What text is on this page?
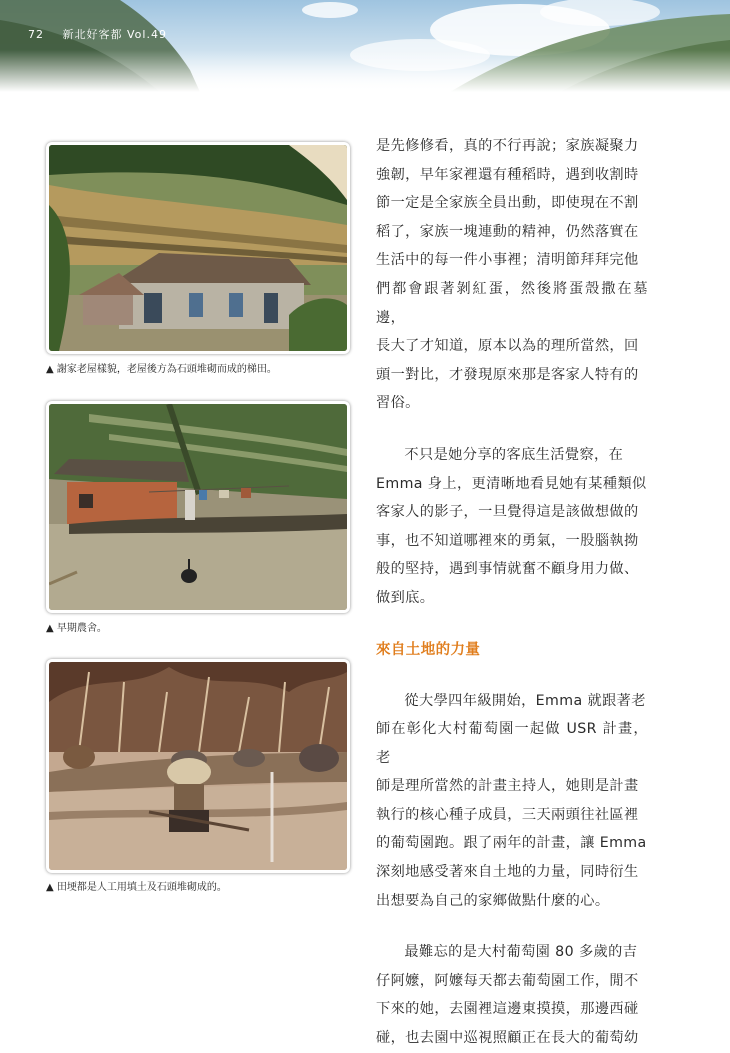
72 新北好客都 Vol.49
▲ 謝家老屋樣貌，老屋後方為石頭堆砌而成的梯田。
▲ 早期農舍。
▲ 田埂都是人工用填土及石頭堆砌成的。

是先修修看，真的不行再說；家族凝聚力
強韌，早年家裡還有種稻時，遇到收割時
節一定是全家族全員出動，即使現在不割
稻了，家族一塊連動的精神，仍然落實在
生活中的每一件小事裡；清明節拜拜完他
們都會跟著剝紅蛋，然後將蛋殼撒在墓邊，
長大了才知道，原本以為的理所當然，回
頭一對比，才發現原來那是客家人特有的
習俗。

不只是她分享的客底生活覺察，在
Emma 身上，更清晰地看見她有某種類似
客家人的影子，一旦覺得這是該做想做的
事，也不知道哪裡來的勇氣，一股腦執拗
般的堅持，遇到事情就奮不顧身用力做、
做到底。

來自土地的力量

從大學四年級開始，Emma 就跟著老
師在彰化大村葡萄園一起做 USR 計畫，老
師是理所當然的計畫主持人，她則是計畫
執行的核心種子成員，三天兩頭往社區裡
的葡萄園跑。跟了兩年的計畫，讓 Emma
深刻地感受著來自土地的力量，同時衍生
出想要為自己的家鄉做點什麼的心。

最難忘的是大村葡萄園 80 多歲的吉
仔阿嬤，阿嬤每天都去葡萄園工作，閒不
下來的她，去園裡這邊東摸摸，那邊西碰
碰，也去園中巡視照顧正在長大的葡萄幼
